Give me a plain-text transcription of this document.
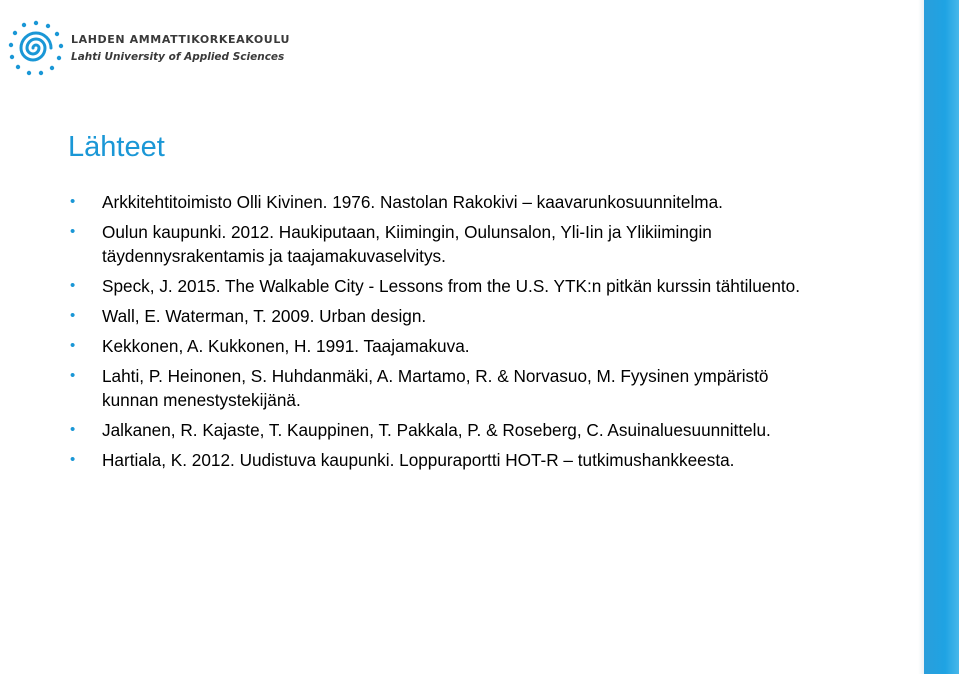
LAHDEN AMMATTIKORKEAKOULU
Lahti University of Applied Sciences
Lähteet
• Arkkitehtitoimisto Olli Kivinen. 1976. Nastolan Rakokivi – kaavarunkosuunnitelma.
• Oulun kaupunki. 2012. Haukiputaan, Kiimingin, Oulunsalon, Yli-Iin ja Ylikiimingin täydennysrakentamis ja taajamakuvaselvitys.
• Speck, J. 2015. The Walkable City - Lessons from the U.S. YTK:n pitkän kurssin tähtiluento.
• Wall, E. Waterman, T. 2009. Urban design.
• Kekkonen, A. Kukkonen, H. 1991. Taajamakuva.
• Lahti, P. Heinonen, S. Huhdanmäki, A. Martamo, R. & Norvasuo, M. Fyysinen ympäristö kunnan menestystekijänä.
• Jalkanen, R. Kajaste, T. Kauppinen, T. Pakkala, P. & Roseberg, C. Asuinaluesuunnittelu.
• Hartiala, K. 2012. Uudistuva kaupunki. Loppuraportti HOT-R – tutkimushankkeesta.
